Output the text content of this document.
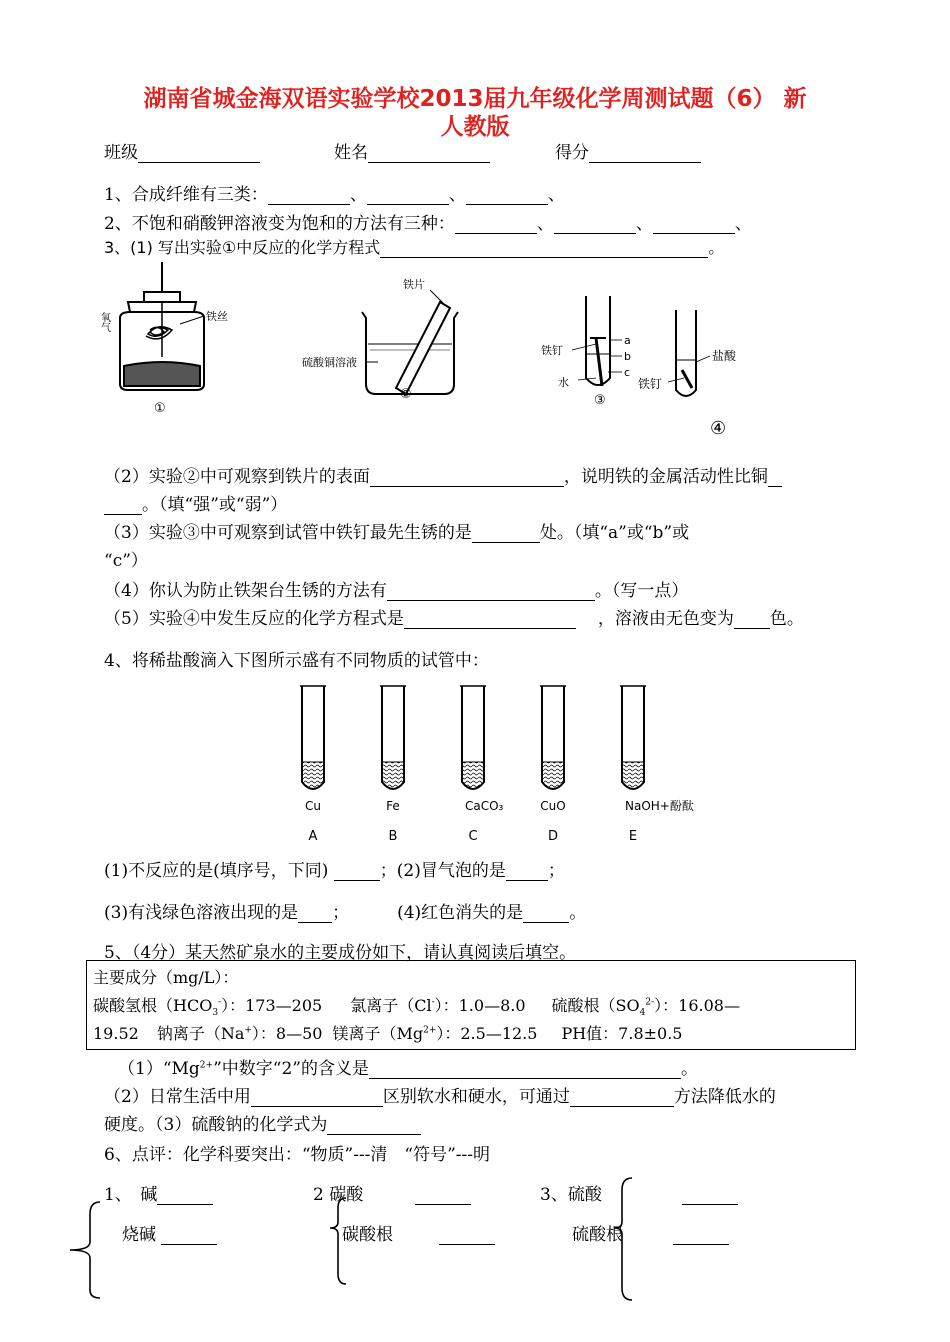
湖南省城金海双语实验学校2013届九年级化学周测试题（6） 新
人教版
班级	姓名	得分
1、合成纤维有三类：	、	、	、
2、不饱和硝酸钾溶液变为饱和的方法有三种：	、	、	、
3、(1) 写出实验①中反应的化学方程式	。
氧气	铁丝
①
铁片
硫酸铜溶液
②
铁钉
水
a
b
c
③
盐酸
铁钉
④
（2）实验②中可观察到铁片的表面	，说明铁的金属活动性比铜
。（填“强”或“弱”）
（3）实验③中可观察到试管中铁钉最先生锈的是	处。（填“a”或“b”或
“c”）
（4）你认为防止铁架台生锈的方法有	。（写一点）
（5）实验④中发生反应的化学方程式是	，溶液由无色变为 色。
4、将稀盐酸滴入下图所示盛有不同物质的试管中：
Cu
A
Fe
B
CaCO₃
C
CuO
D
NaOH+酚酞
E
(1)不反应的是(填序号，下同)	；(2)冒气泡的是 ；
(3)有浅绿色溶液出现的是 ；	(4)红色消失的是	。
5、（4分）某天然矿泉水的主要成份如下，请认真阅读后填空。
主要成分（mg/L）：
碳酸氢根$(HCO_3^-)$：173—205 氯离子（Cl-）：1.0—8.0 硫酸根$(SO_4^{2-})$：16.08—
19.52 钠离子（Na+）：8—50 镁离子$(Mg^{2+})$：2.5—12.5 PH值：7.8±0.5
$(1)“Mg^{2+}$”中数字“2”的含义是	。
（2）日常生活中用	区别软水和硬水，可通过	方法降低水的
硬度。（3）硫酸钠的化学式为
6、点评：化学科要突出：“物质”---清　“符号”---明
1、　碱
烧碱
2 碳酸
碳酸根
3、硫酸
硫酸根
